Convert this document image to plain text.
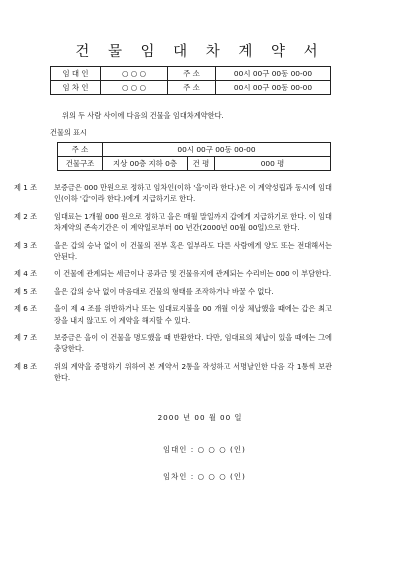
건 물 임 대 차 계 약 서
임 대 인	○ ○ ○	주 소	00시 00구 00동 00-00
임 차 인	○ ○ ○	주 소	00시 00구 00동 00-00
위의 두 사람 사이에 다음의 건물을 임대차계약한다.
건물의 표시
주 소	00시 00구 00동 00-00		
건물구조	지상 00층 지하 0층	건 평	000 평
제 1 조 보증금은 000 만원으로 정하고 임차인(이하 '을'이라 한다.)은 이 계약성립과 동시에 임대인(이하 '갑'이라 한다.)에게 지급하기로 한다.
제 2 조 임대료는 1개월 000 원으로 정하고 을은 매월 말일까지 갑에게 지급하기로 한다. 이 임대차계약의 존속기간은 이 계약일로부터 00 년간(2000년 00월 00일)으로 한다.
제 3 조 을은 갑의 승낙 없이 이 건물의 전부 혹은 일부라도 다른 사람에게 양도 또는 전대해서는 안된다.
제 4 조 이 건물에 관계되는 세금이나 공과금 및 건물유지에 관계되는 수리비는 000 이 부담한다.
제 5 조 을은 갑의 승낙 없이 마음대로 건물의 형태를 조작하거나 바꿀 수 없다.
제 6 조 을이 제 4 조를 위반하거나 또는 임대료지불을 00 개월 이상 체납했을 때에는 갑은 최고장을 내지 않고도 이 계약을 해지할 수 있다.
제 7 조 보증금은 을이 이 건물을 명도했을 때 반환한다. 다만, 임대료의 체납이 있을 때에는 그에 충당한다.
제 8 조 위의 계약을 증명하기 위하여 본 계약서 2통을 작성하고 서명날인한 다음 각 1통씩 보관한다.
2000 년 00 월 00 일
임대인 : ○ ○ ○ (인)
임차인 : ○ ○ ○ (인)
